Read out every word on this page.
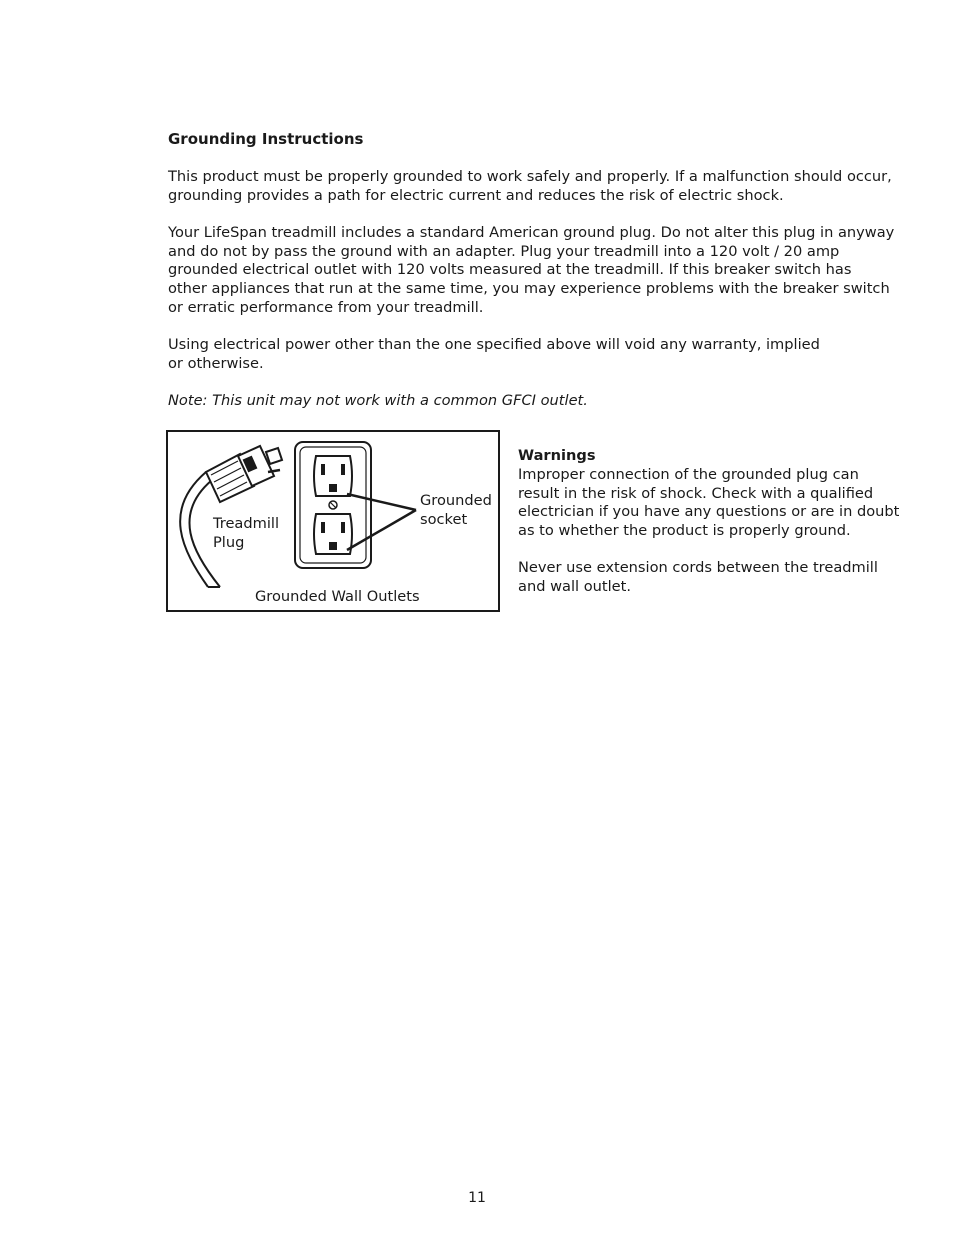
Grounding Instructions

This product must be properly grounded to work safely and properly. If a malfunction should occur,
grounding provides a path for electric current and reduces the risk of electric shock.

Your LifeSpan treadmill includes a standard American ground plug. Do not alter this plug in anyway
and do not by pass the ground with an adapter. Plug your treadmill into a 120 volt / 20 amp
grounded electrical outlet with 120 volts measured at the treadmill. If this breaker switch has
other appliances that run at the same time, you may experience problems with the breaker switch
or erratic performance from your treadmill.

Using electrical power other than the one specified above will void any warranty, implied
or otherwise.

Note: This unit may not work with a common GFCI outlet.

Treadmill
Plug
Grounded
socket
Grounded Wall Outlets
Warnings
Improper connection of the grounded plug can
result in the risk of shock. Check with a qualified
electrician if you have any questions or are in doubt
as to whether the product is properly ground.
Never use extension cords between the treadmill
and wall outlet.
11
